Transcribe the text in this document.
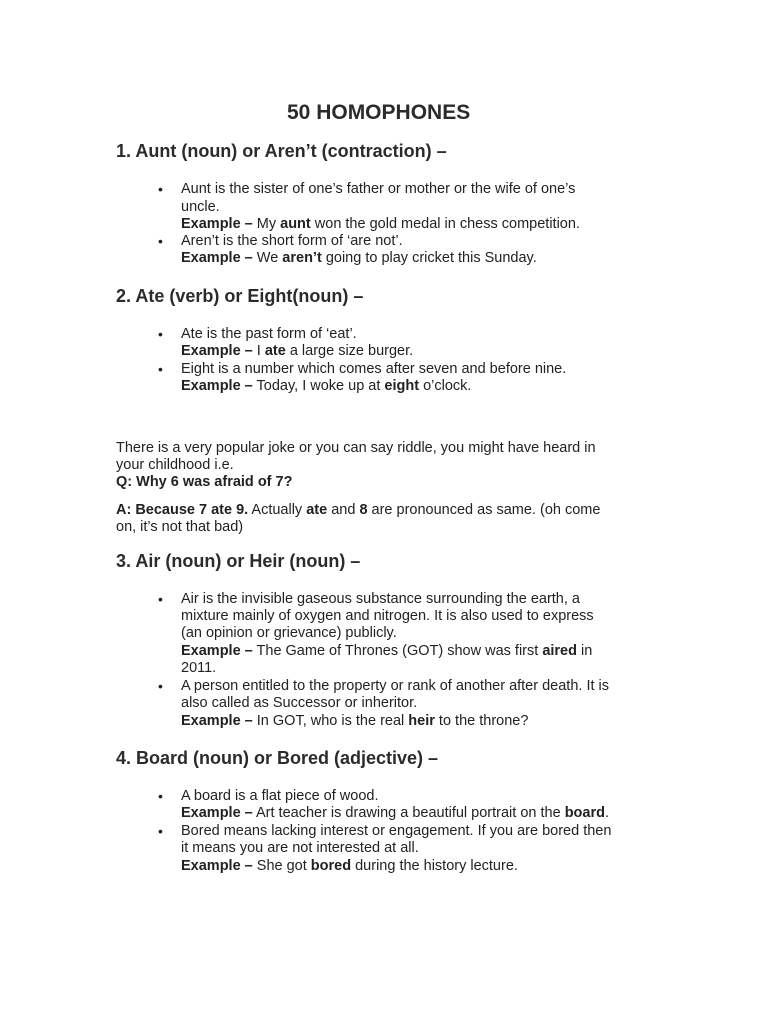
50 HOMOPHONES
1. Aunt (noun) or Aren’t (contraction) –
• Aunt is the sister of one’s father or mother or the wife of one’s
uncle.
Example – My aunt won the gold medal in chess competition.
• Aren’t is the short form of ‘are not’.
Example – We aren’t going to play cricket this Sunday.
2. Ate (verb) or Eight(noun) –
• Ate is the past form of ‘eat’.
Example – I ate a large size burger.
• Eight is a number which comes after seven and before nine.
Example – Today, I woke up at eight o’clock.
There is a very popular joke or you can say riddle, you might have heard in
your childhood i.e.
Q: Why 6 was afraid of 7?
A: Because 7 ate 9. Actually ate and 8 are pronounced as same. (oh come
on, it’s not that bad)
3. Air (noun) or Heir (noun) –
• Air is the invisible gaseous substance surrounding the earth, a
mixture mainly of oxygen and nitrogen. It is also used to express
(an opinion or grievance) publicly.
Example – The Game of Thrones (GOT) show was first aired in
2011.
• A person entitled to the property or rank of another after death. It is
also called as Successor or inheritor.
Example – In GOT, who is the real heir to the throne?
4. Board (noun) or Bored (adjective) –
• A board is a flat piece of wood.
Example – Art teacher is drawing a beautiful portrait on the board.
• Bored means lacking interest or engagement. If you are bored then
it means you are not interested at all.
Example – She got bored during the history lecture.
